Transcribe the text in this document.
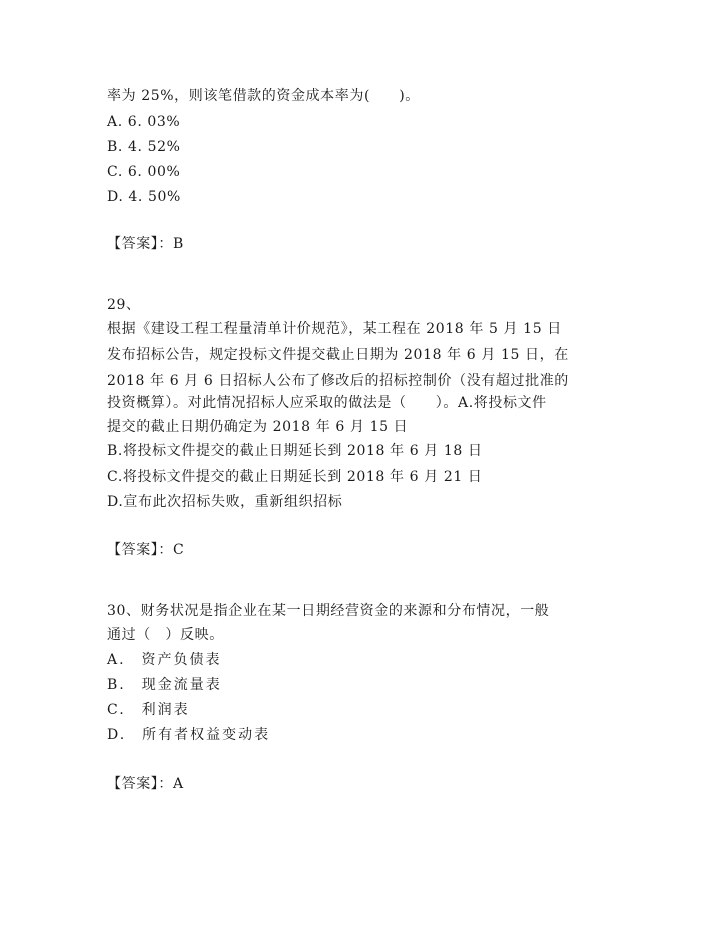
率为 25%，则该笔借款的资金成本率为(　　)。
A. 6. 03%
B. 4. 52%
C. 6. 00%
D. 4. 50%
【答案】：B
29、
根据《建设工程工程量清单计价规范》，某工程在 2018 年 5 月 15 日
发布招标公告，规定投标文件提交截止日期为 2018 年 6 月 15 日，在
2018 年 6 月 6 日招标人公布了修改后的招标控制价（没有超过批准的
投资概算）。对此情况招标人应采取的做法是（　　）。A.将投标文件
提交的截止日期仍确定为 2018 年 6 月 15 日
B.将投标文件提交的截止日期延长到 2018 年 6 月 18 日
C.将投标文件提交的截止日期延长到 2018 年 6 月 21 日
D.宣布此次招标失败，重新组织招标
【答案】：C
30、财务状况是指企业在某一日期经营资金的来源和分布情况，一般
通过（　）反映。
A.　资产负债表
B.　现金流量表
C.　利润表
D.　所有者权益变动表
【答案】：A
